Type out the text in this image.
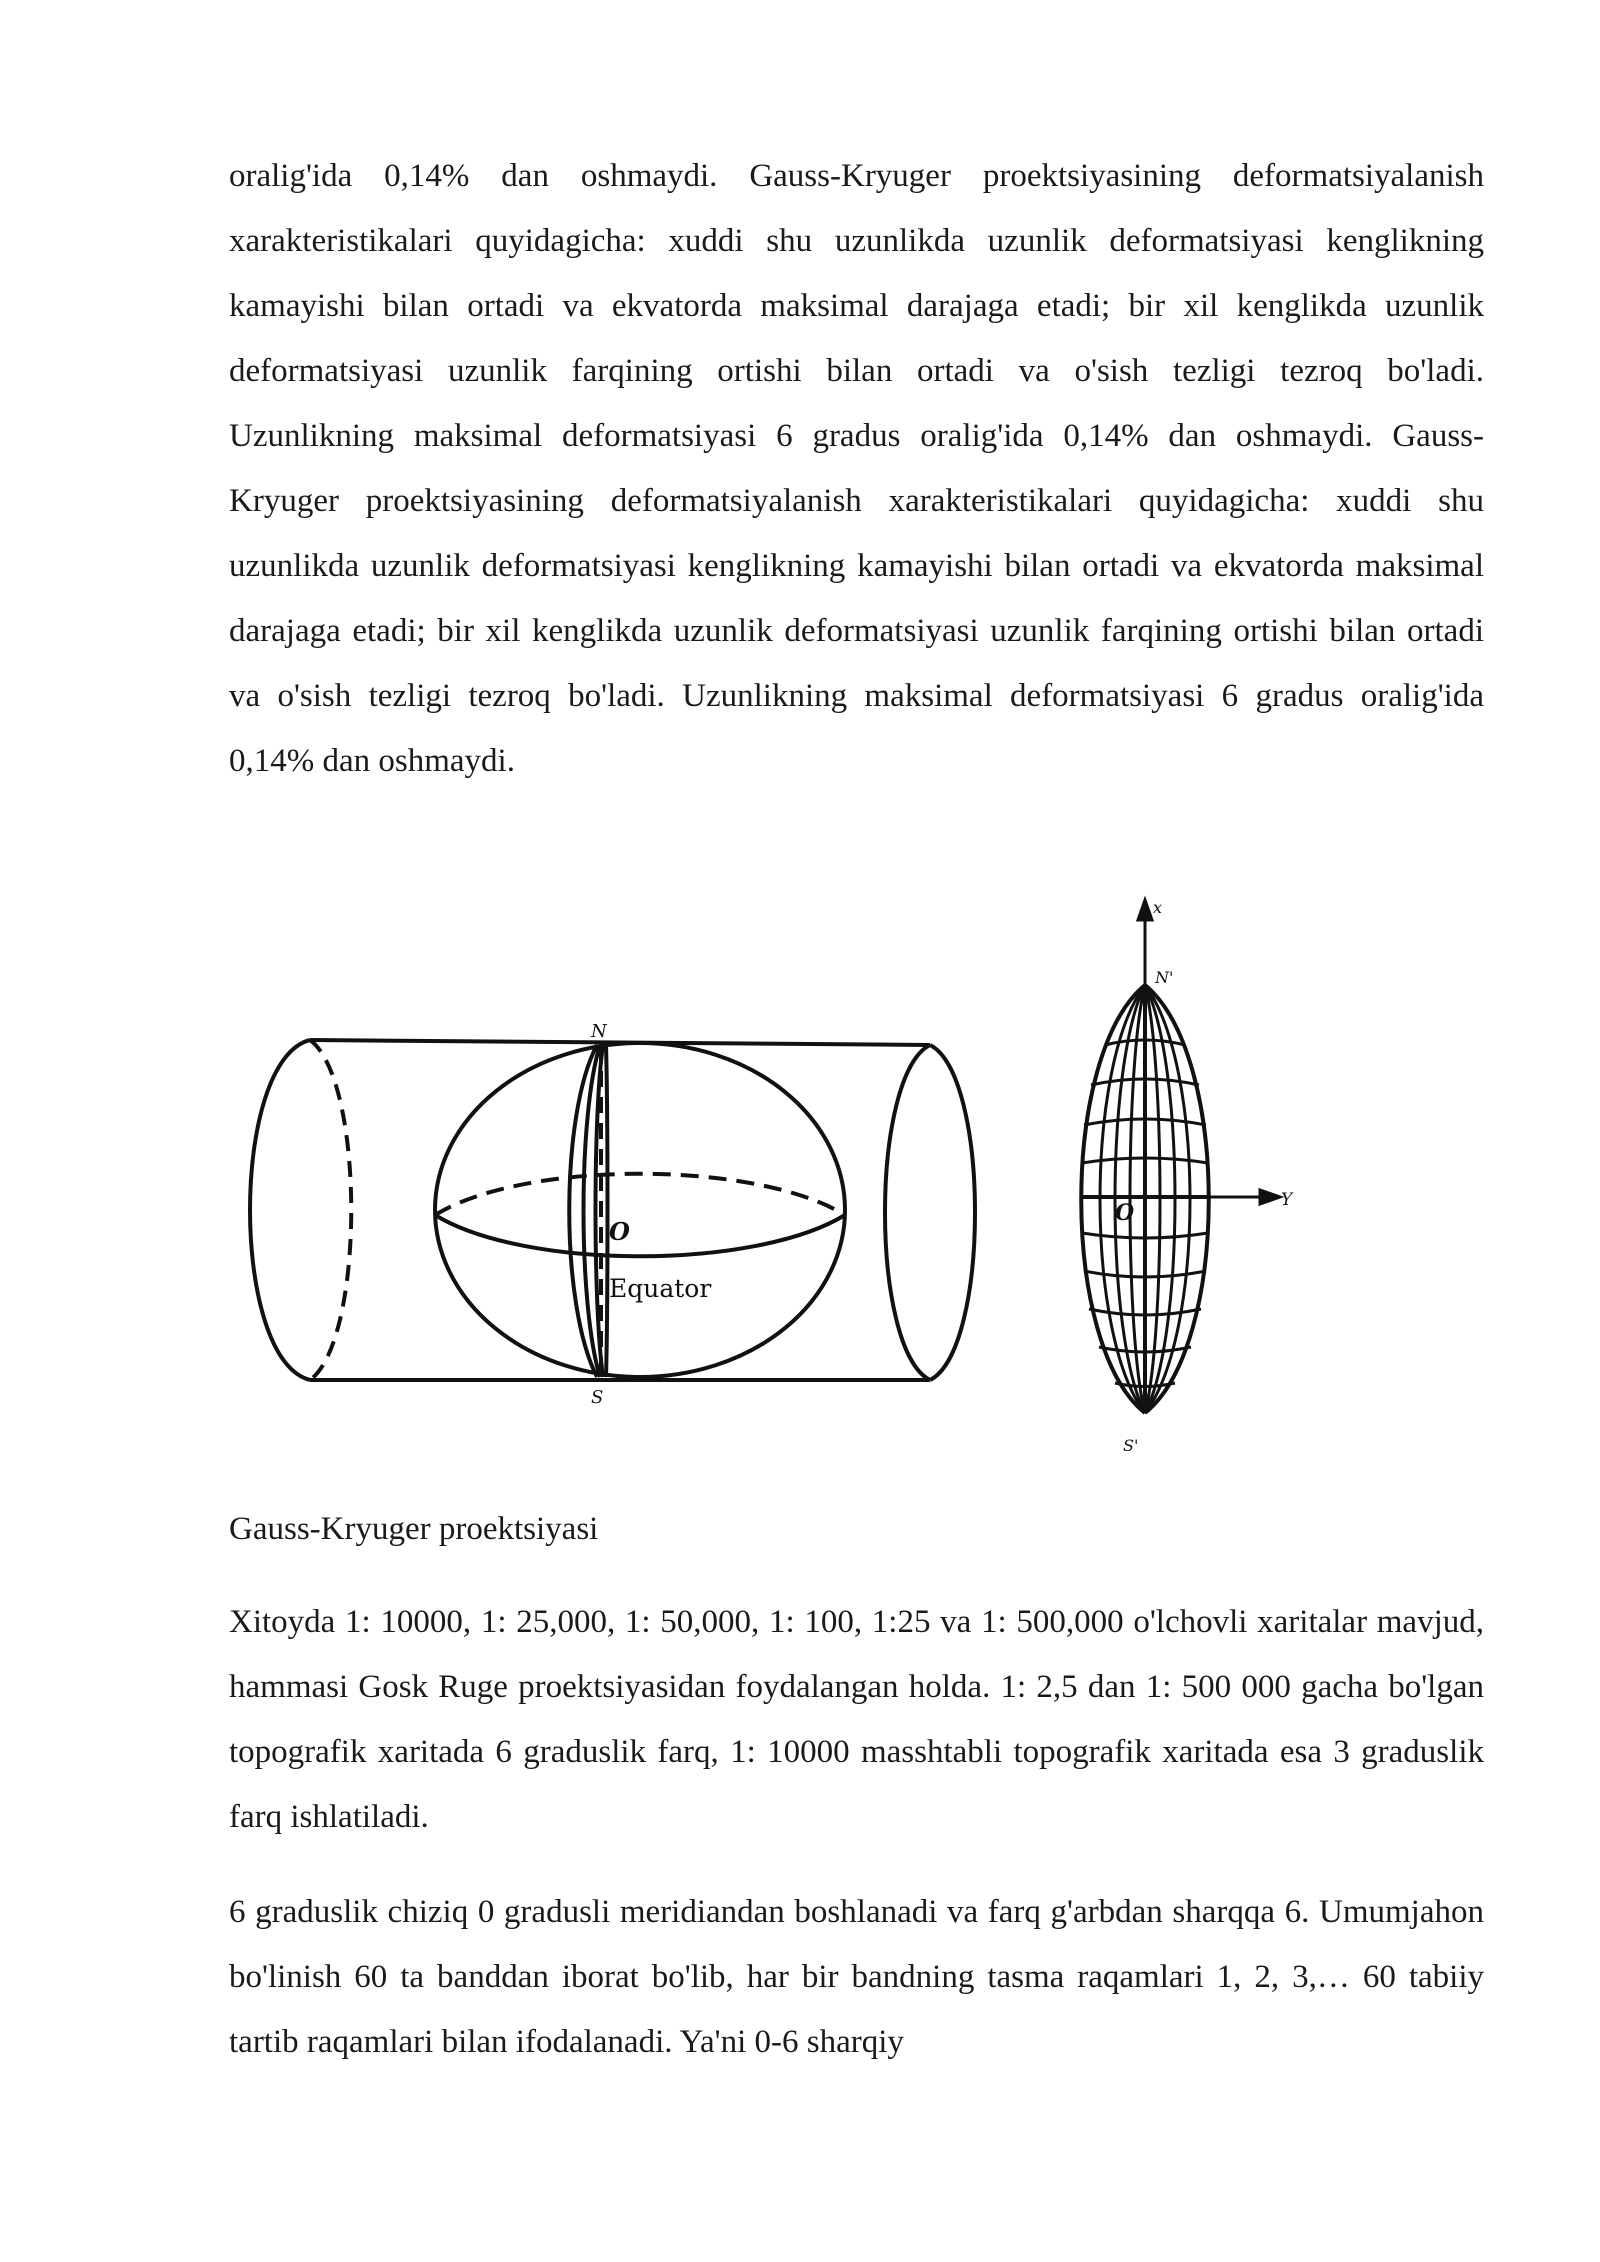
oralig'ida 0,14% dan oshmaydi. Gauss-Kryuger proektsiyasining deformatsiyalanish xarakteristikalari quyidagicha: xuddi shu uzunlikda uzunlik deformatsiyasi kenglikning kamayishi bilan ortadi va ekvatorda maksimal darajaga etadi; bir xil kenglikda uzunlik deformatsiyasi uzunlik farqining ortishi bilan ortadi va o'sish tezligi tezroq bo'ladi. Uzunlikning maksimal deformatsiyasi 6 gradus oralig'ida 0,14% dan oshmaydi. Gauss-Kryuger proektsiyasining deformatsiyalanish xarakteristikalari quyidagicha: xuddi shu uzunlikda uzunlik deformatsiyasi kenglikning kamayishi bilan ortadi va ekvatorda maksimal darajaga etadi; bir xil kenglikda uzunlik deformatsiyasi uzunlik farqining ortishi bilan ortadi va o'sish tezligi tezroq bo'ladi. Uzunlikning maksimal deformatsiyasi 6 gradus oralig'ida 0,14% dan oshmaydi.

N
S
O
Equator
x
Y
N'
S'
O

Gauss-Kryuger proektsiyasi

Xitoyda 1: 10000, 1: 25,000, 1: 50,000, 1: 100, 1:25 va 1: 500,000 o'lchovli xaritalar mavjud, hammasi Gosk Ruge proektsiyasidan foydalangan holda. 1: 2,5 dan 1: 500 000 gacha bo'lgan topografik xaritada 6 graduslik farq, 1: 10000 masshtabli topografik xaritada esa 3 graduslik farq ishlatiladi.

6 graduslik chiziq 0 gradusli meridiandan boshlanadi va farq g'arbdan sharqqa 6. Umumjahon bo'linish 60 ta banddan iborat bo'lib, har bir bandning tasma raqamlari 1, 2, 3,… 60 tabiiy tartib raqamlari bilan ifodalanadi. Ya'ni 0-6 sharqiy
